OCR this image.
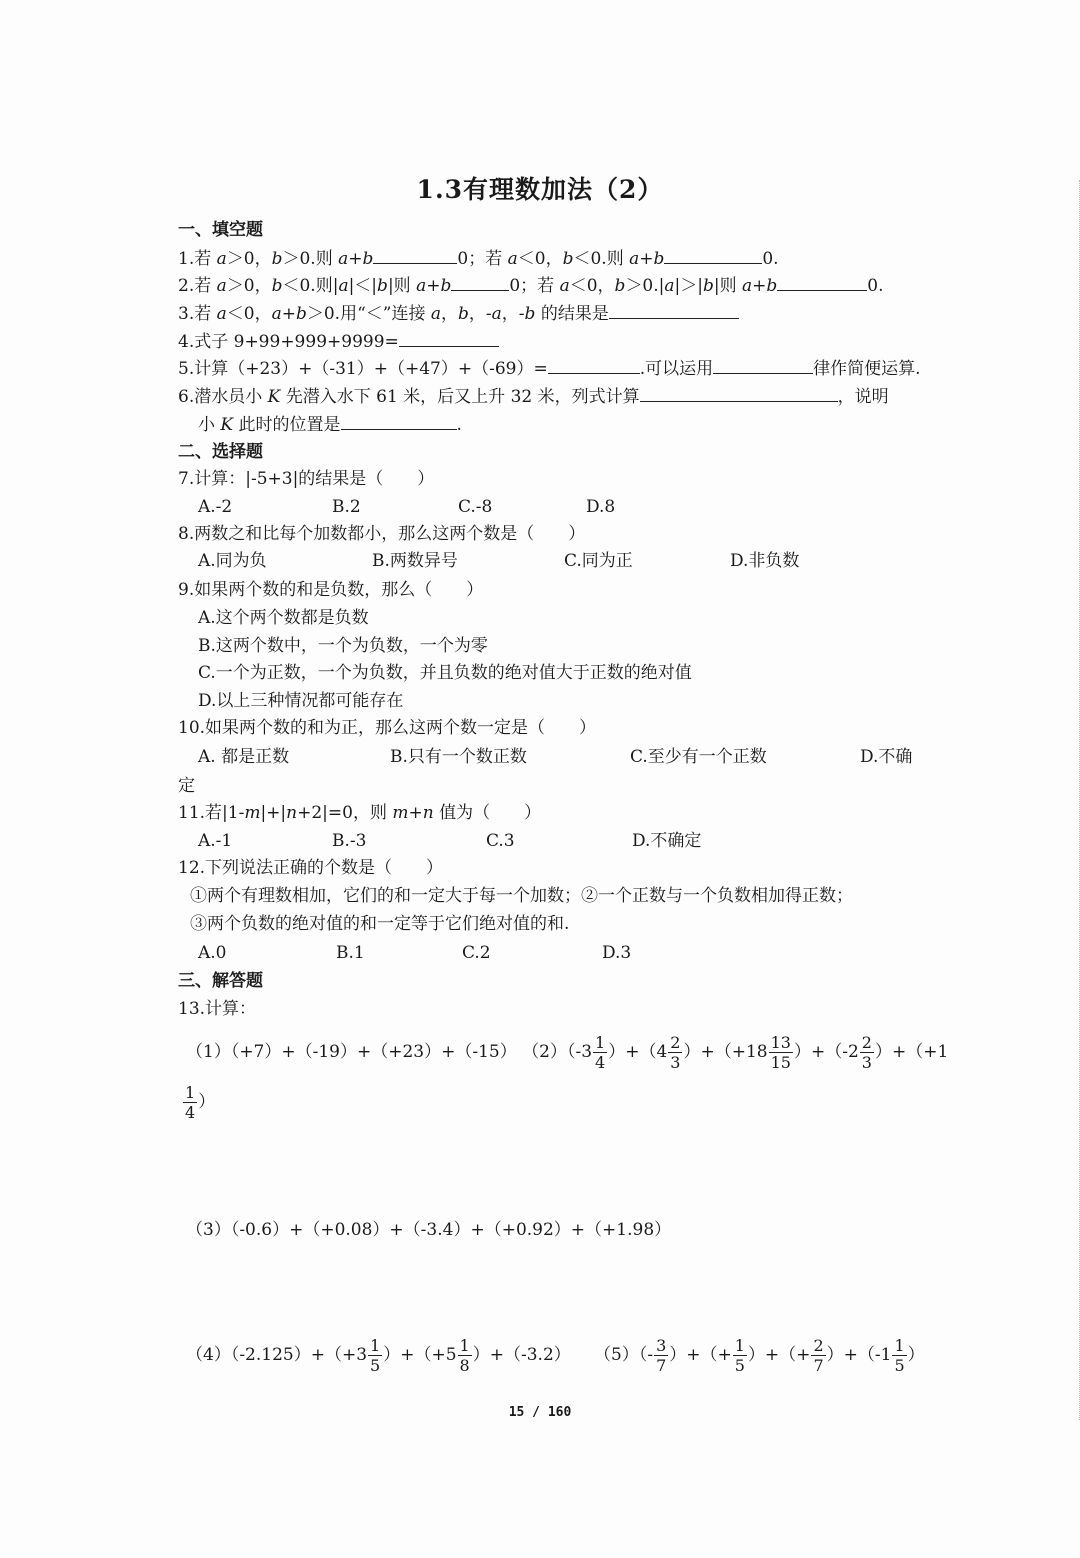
1.3有理数加法（2）
一、填空题
1.若 a＞0，b＞0.则 a+b	0；若 a＜0，b＜0.则 a+b	0.
2.若 a＞0，b＜0.则|a|＜|b|则 a+b	0；若 a＜0，b＞0.|a|＞|b|则 a+b	0.
3.若 a＜0，a+b＞0.用“＜”连接 a，b，-a，-b 的结果是
4.式子 9+99+999+9999=
5.计算（+23）+（-31）+（+47）+（-69）=	.可以运用	律作简便运算.
6.潜水员小 K 先潜入水下 61 米，后又上升 32 米，列式计算	，说明
小 K 此时的位置是	.
二、选择题
7.计算：|-5+3|的结果是（　　）
A.-2	B.2	C.-8	D.8
8.两数之和比每个加数都小，那么这两个数是（　　）
A.同为负	B.两数异号	C.同为正	D.非负数
9.如果两个数的和是负数，那么（　　）
A.这个两个数都是负数
B.这两个数中，一个为负数，一个为零
C.一个为正数，一个为负数，并且负数的绝对值大于正数的绝对值
D.以上三种情况都可能存在
10.如果两个数的和为正，那么这两个数一定是（　　）
A. 都是正数	B.只有一个数正数	C.至少有一个正数	D.不确
定
11.若|1-m|+|n+2|=0，则 m+n 值为（　　）
A.-1	B.-3	C.3	D.不确定
12.下列说法正确的个数是（　　）
①两个有理数相加，它们的和一定大于每一个加数；②一个正数与一个负数相加得正数；
③两个负数的绝对值的和一定等于它们绝对值的和.
A.0	B.1	C.2	D.3
三、解答题
13.计算：
（1）（+7）+（-19）+（+23）+（-15） $(2)(-3 \frac{1}{4} )+(4 \frac{2}{3} )+(+18 \frac{13}{15} )+(-2 \frac{2}{3} )+(+1$
$\frac{1}{4}$ ）
（3）（-0.6）+（+0.08）+（-3.4）+（+0.92）+（+1.98）
$(4)(-2.125)+(+3 \frac{1}{5} )+(+5 \frac{1}{8} )+(-3.2)$ $(5)(- \frac{3}{7}$ ）+（+ $\frac{1}{5}$ ）+（+ $\frac{2}{7} )+(-1 \frac{1}{5}$ ）
15 / 160
